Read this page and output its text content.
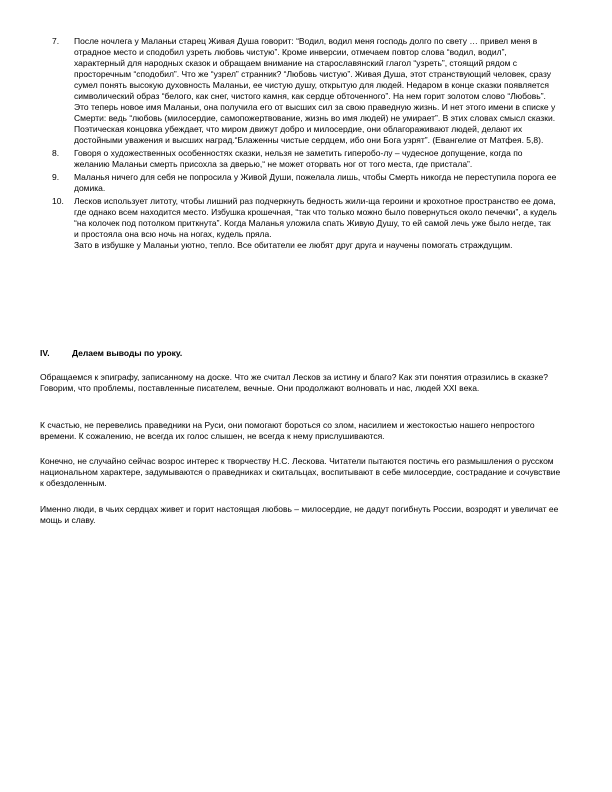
7. После ночлега у Маланьи старец Живая Душа говорит: “Водил, водил меня господь долго по свету … привел меня в отрадное место и сподобил узреть любовь чистую”. Кроме инверсии, отмечаем повтор слова “водил, водил”, характерный для народных сказок и обращаем внимание на старославянский глагол “узреть”, стоящий рядом с просторечным “сподобил”. Что же “узрел” странник? “Любовь чистую”. Живая Душа, этот странствующий человек, сразу сумел понять высокую духовность Маланьи, ее чистую душу, открытую для людей. Недаром в конце сказки появляется символический образ “белого, как снег, чистого камня, как сердце обточенного”. На нем горит золотом слово “Любовь”. Это теперь новое имя Маланьи, она получила его от высших сил за свою праведную жизнь. И нет этого имени в списке у Смерти: ведь “любовь (милосердие, самопожертвование, жизнь во имя людей) не умирает”. В этих словах смысл сказки. Поэтическая концовка убеждает, что миром движут добро и милосердие, они облагораживают людей, делают их достойными уважения и высших наград.“Блаженны чистые сердцем, ибо они Бога узрят”. (Евангелие от Матфея. 5,8).

8. Говоря о художественных особенностях сказки, нельзя не заметить гиперобо-лу – чудесное допущение, когда по желанию Маланьи смерть присохла за дверью,“ не может оторвать ног от того места, где пристала”.

9. Маланья ничего для себя не попросила у Живой Души, пожелала лишь, чтобы Смерть никогда не переступила порога ее домика.

10. Лесков использует литоту, чтобы лишний раз подчеркнуть бедность жили-ща героини и крохотное пространство ее дома, где однако всем находится место. Избушка крошечная, “так что только можно было повернуться около печечки”, а кудель “на колочек под потолком приткнута”. Когда Маланья уложила спать Живую Душу, то ей самой лечь уже было негде, так и простояла она всю ночь на ногах, кудель пряла.

Зато в избушке у Маланьи уютно, тепло. Все обитатели ее любят друг друга и научены помогать страждущим.

IV.	Делаем выводы по уроку.

Обращаемся к эпиграфу, записанному на доске. Что же считал Лесков за истину и благо? Как эти понятия отразились в сказке? Говорим, что проблемы, поставленные писателем, вечные. Они продолжают волновать и нас, людей XXI века.

К счастью, не перевелись праведники на Руси, они помогают бороться со злом, насилием и жестокостью нашего непростого времени. К сожалению, не всегда их голос слышен, не всегда к нему прислушиваются.

Конечно, не случайно сейчас возрос интерес к творчеству Н.С. Лескова. Читатели пытаются постичь его размышления о русском национальном характере, задумываются о праведниках и скитальцах, воспитывают в себе милосердие, сострадание и сочувствие к обездоленным.

Именно люди, в чьих сердцах живет и горит настоящая любовь – милосердие, не дадут погибнуть России, возродят и увеличат ее мощь и славу.
